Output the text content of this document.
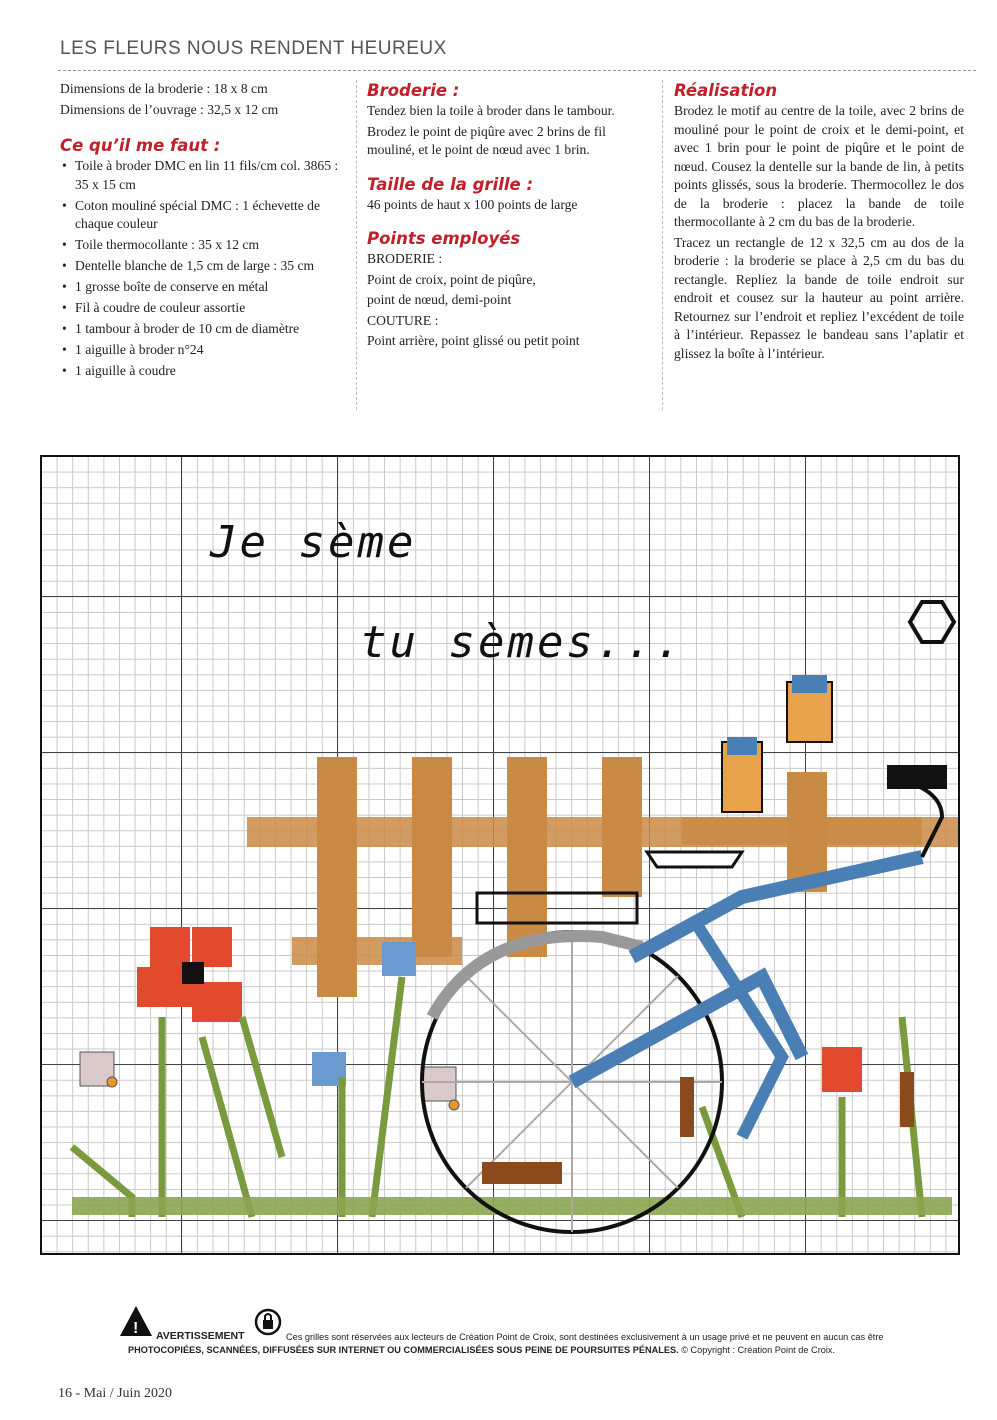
LES FLEURS NOUS RENDENT HEUREUX

Dimensions de la broderie : 18 x 8 cm

Dimensions de l’ouvrage : 32,5 x 12 cm

Ce qu’il me faut :
• Toile à broder DMC en lin 11 fils/cm col. 3865 : 35 x 15 cm
• Coton mouliné spécial DMC : 1 échevette de chaque couleur
• Toile thermocollante : 35 x 12 cm
• Dentelle blanche de 1,5 cm de large : 35 cm
• 1 grosse boîte de conserve en métal
• Fil à coudre de couleur assortie
• 1 tambour à broder de 10 cm de diamètre
• 1 aiguille à broder n°24
• 1 aiguille à coudre
Broderie :

Tendez bien la toile à broder dans le tambour.

Brodez le point de piqûre avec 2 brins de fil mouliné, et le point de nœud avec 1 brin.

Taille de la grille :

46 points de haut x 100 points de large

Points employés

BRODERIE :

Point de croix, point de piqûre,

point de nœud, demi-point

COUTURE :

Point arrière, point glissé ou petit point

Réalisation

Brodez le motif au centre de la toile, avec 2 brins de mouliné pour le point de croix et le demi-point, et avec 1 brin pour le point de piqûre et le point de nœud. Cousez la dentelle sur la bande de lin, à petits points glissés, sous la broderie. Thermocollez le dos de la broderie : placez la bande de toile thermocollante à 2 cm du bas de la broderie.

Tracez un rectangle de 12 x 32,5 cm au dos de la broderie : la broderie se place à 2,5 cm du bas du rectangle. Repliez la bande de toile endroit sur endroit et cousez sur la hauteur au point arrière. Retournez sur l’endroit et repliez l’excédent de toile à l’intérieur. Repassez le bandeau sans l’aplatir et glissez la boîte à l’intérieur.

Je sème
tu sèmes...
! AVERTISSEMENT	Ces grilles sont réservées aux lecteurs de Création Point de Croix, sont destinées exclusivement à un usage privé et ne peuvent en aucun cas être
PHOTOCOPIÉES, SCANNÉES, DIFFUSÉES SUR INTERNET OU COMMERCIALISÉES SOUS PEINE DE POURSUITES PÉNALES. © Copyright : Création Point de Croix.
16 - Mai / Juin 2020
